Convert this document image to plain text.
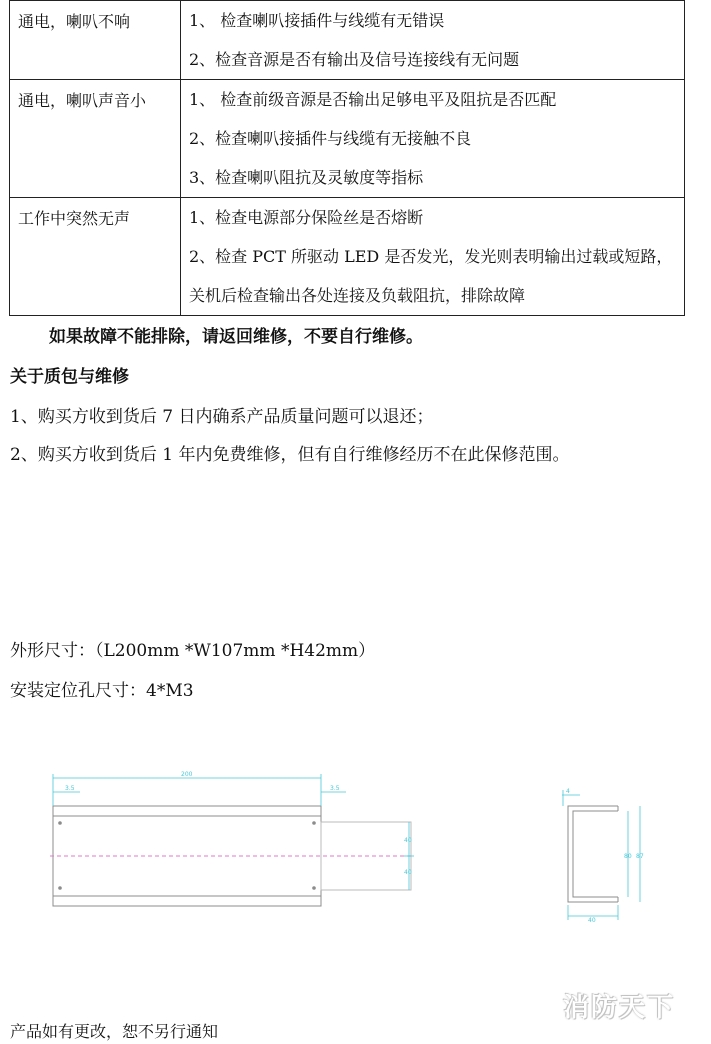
通电，喇叭不响	1、 检查喇叭接插件与线缆有无错误
2、检查音源是否有输出及信号连接线有无问题

通电，喇叭声音小	1、 检查前级音源是否输出足够电平及阻抗是否匹配
2、检查喇叭接插件与线缆有无接触不良
3、检查喇叭阻抗及灵敏度等指标

工作中突然无声	1、检查电源部分保险丝是否熔断
2、检查 PCT 所驱动 LED 是否发光，发光则表明输出过载或短路，
关机后检查输出各处连接及负载阻抗，排除故障
如果故障不能排除，请返回维修，不要自行维修。
关于质包与维修
1、购买方收到货后 7 日内确系产品质量问题可以退还；
2、购买方收到货后 1 年内免费维修，但有自行维修经历不在此保修范围。
外形尺寸：（L200mm *W107mm *H42mm）
安装定位孔尺寸：4*M3
200
3.5	3.5
40
40
4
80 87
40
消防天下
产品如有更改，恕不另行通知
